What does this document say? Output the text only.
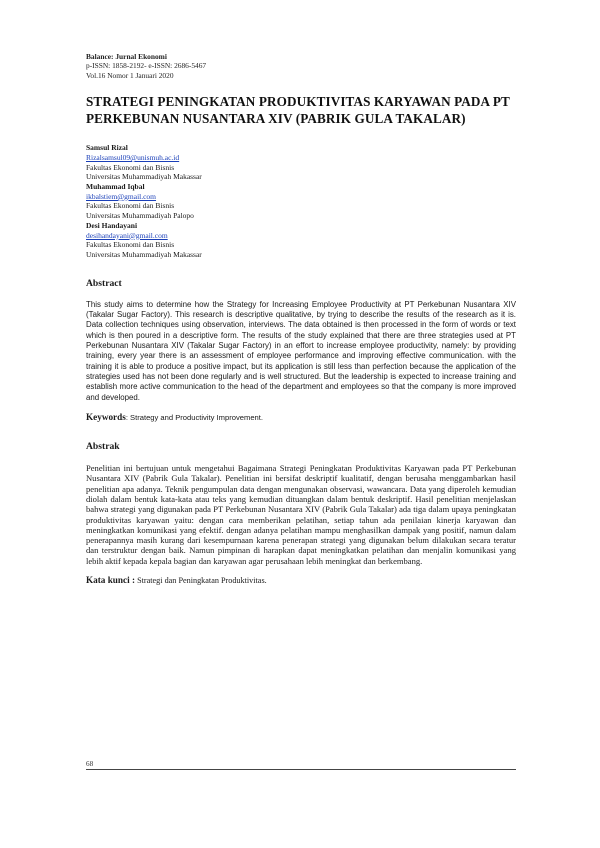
Balance: Jurnal Ekonomi
p-ISSN: 1858-2192- e-ISSN: 2686-5467
Vol.16 Nomor 1 Januari 2020
STRATEGI PENINGKATAN PRODUKTIVITAS KARYAWAN PADA PT PERKEBUNAN NUSANTARA XIV (PABRIK GULA TAKALAR)
Samsul Rizal
Rizalsamsul09@unismuh.ac.id
Fakultas Ekonomi dan Bisnis
Universitas Muhammadiyah Makassar
Muhammad Iqbal
ikbalstiem@gmail.com
Fakultas Ekonomi dan Bisnis
Universitas Muhammadiyah Palopo
Desi Handayani
desihandayani@gmail.com
Fakultas Ekonomi dan Bisnis
Universitas Muhammadiyah Makassar
Abstract
This study aims to determine how the Strategy for Increasing Employee Productivity at PT Perkebunan Nusantara XIV (Takalar Sugar Factory). This research is descriptive qualitative, by trying to describe the results of the research as it is. Data collection techniques using observation, interviews. The data obtained is then processed in the form of words or text which is then poured in a descriptive form. The results of the study explained that there are three strategies used at PT Perkebunan Nusantara XIV (Takalar Sugar Factory) in an effort to increase employee productivity, namely: by providing training, every year there is an assessment of employee performance and improving effective communication. with the training it is able to produce a positive impact, but its application is still less than perfection because the application of the strategies used has not been done regularly and is well structured. But the leadership is expected to increase training and establish more active communication to the head of the department and employees so that the company is more improved and developed.
Keywords: Strategy and Productivity Improvement.
Abstrak
Penelitian ini bertujuan untuk mengetahui Bagaimana Strategi Peningkatan Produktivitas Karyawan pada PT Perkebunan Nusantara XIV (Pabrik Gula Takalar). Penelitian ini bersifat deskriptif kualitatif, dengan berusaha menggambarkan hasil penelitian apa adanya. Teknik pengumpulan data dengan mengunakan observasi, wawancara. Data yang diperoleh kemudian diolah dalam bentuk kata-kata atau teks yang kemudian dituangkan dalam bentuk deskriptif. Hasil penelitian menjelaskan bahwa strategi yang digunakan pada PT Perkebunan Nusantara XIV (Pabrik Gula Takalar) ada tiga dalam upaya peningkatan produktivitas karyawan yaitu: dengan cara memberikan pelatihan, setiap tahun ada penilaian kinerja karyawan dan meningkatkan komunikasi yang efektif. dengan adanya pelatihan mampu menghasilkan dampak yang positif, namun dalam penerapannya masih kurang dari kesempurnaan karena penerapan strategi yang digunakan belum dilakukan secara teratur dan terstruktur dengan baik. Namun pimpinan di harapkan dapat meningkatkan pelatihan dan menjalin komunikasi yang lebih aktif kepada kepala bagian dan karyawan agar perusahaan lebih meningkat dan berkembang.
Kata kunci : Strategi dan Peningkatan Produktivitas.
68
